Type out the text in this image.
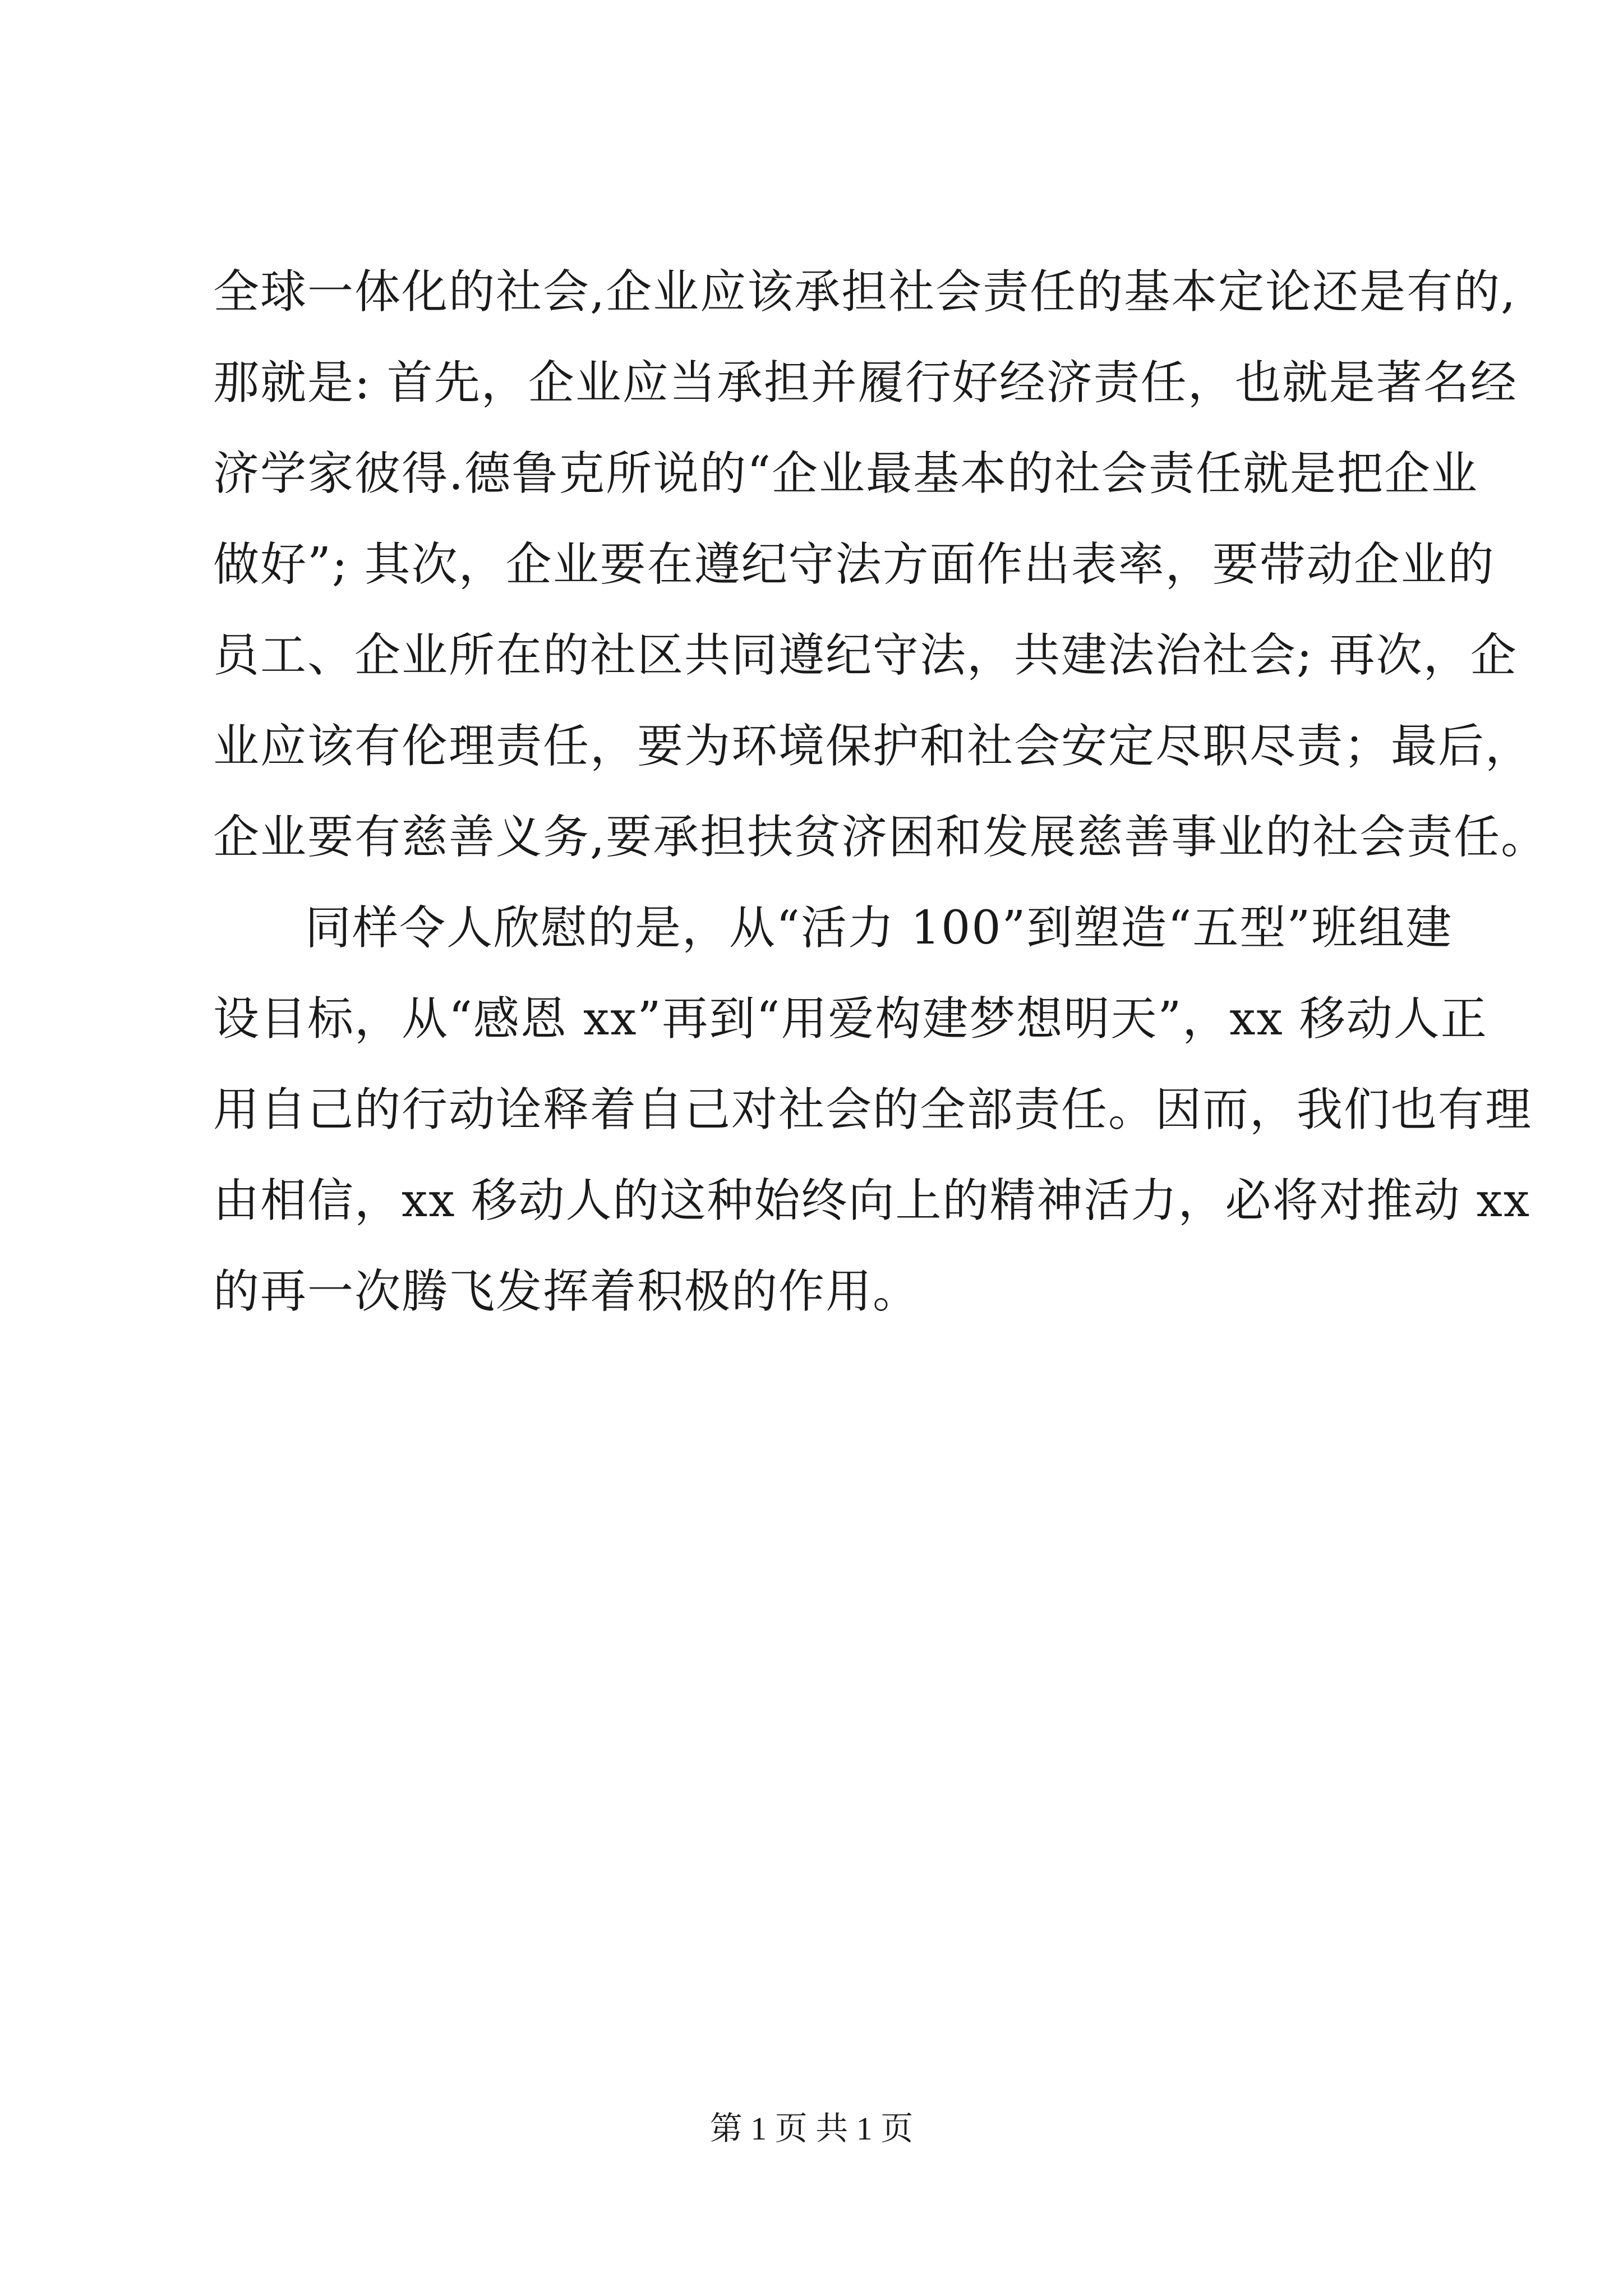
全球一体化的社会,企业应该承担社会责任的基本定论还是有的,
那就是: 首先，企业应当承担并履行好经济责任，也就是著名经
济学家彼得.德鲁克所说的“企业最基本的社会责任就是把企业
做好”; 其次，企业要在遵纪守法方面作出表率，要带动企业的
员工、企业所在的社区共同遵纪守法，共建法治社会; 再次，企
业应该有伦理责任，要为环境保护和社会安定尽职尽责；最后，
企业要有慈善义务,要承担扶贫济困和发展慈善事业的社会责任。
同样令人欣慰的是，从“活力 100”到塑造“五型”班组建
设目标，从“感恩 xx”再到“用爱构建梦想明天”，xx 移动人正
用自己的行动诠释着自己对社会的全部责任。因而，我们也有理
由相信，xx 移动人的这种始终向上的精神活力，必将对推动 xx
的再一次腾飞发挥着积极的作用。
第 1 页 共 1 页
